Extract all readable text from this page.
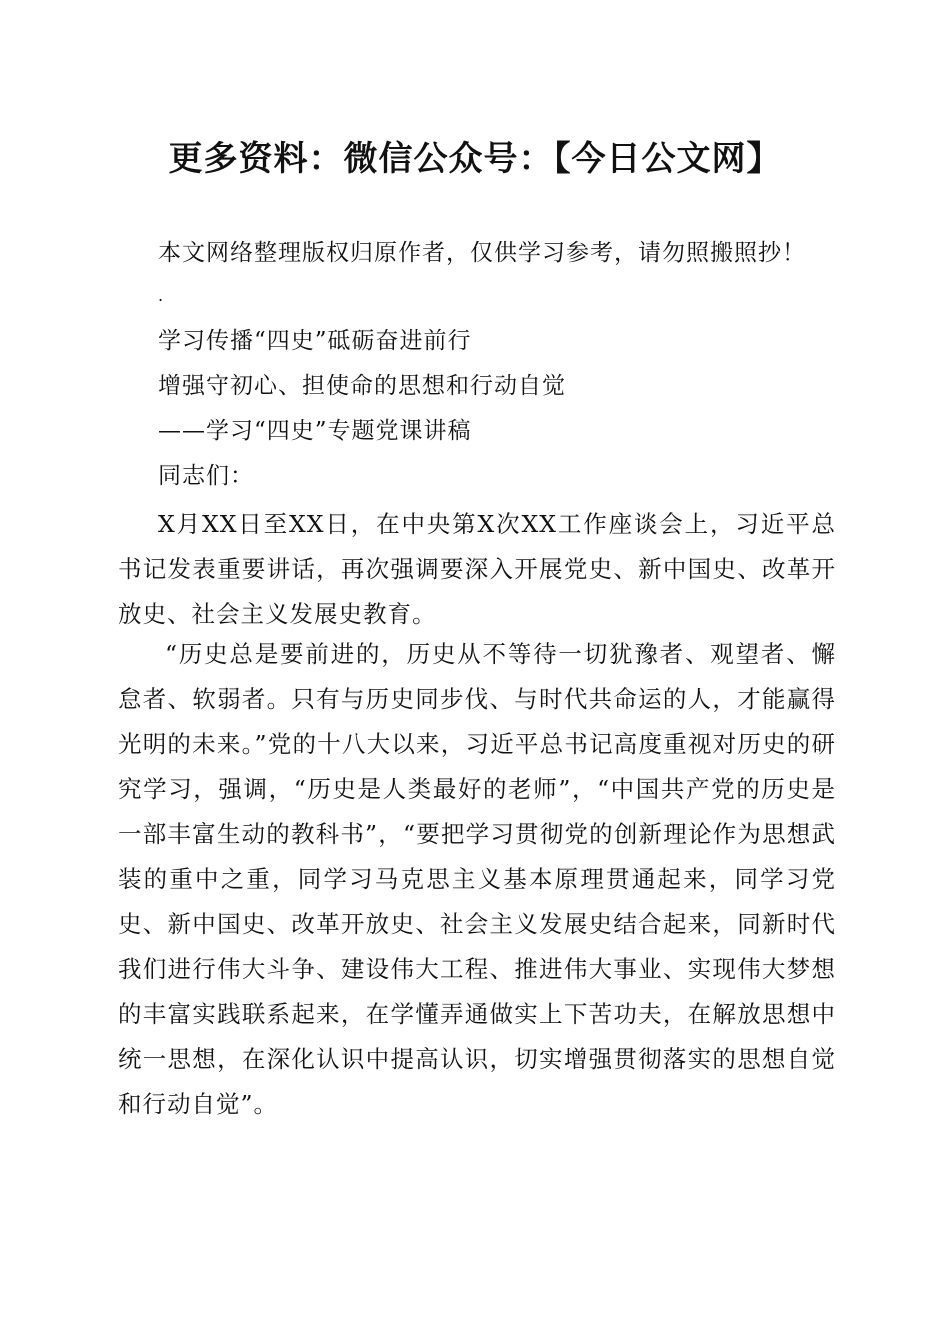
更多资料：微信公众号：【今日公文网】
本文网络整理版权归原作者，仅供学习参考，请勿照搬照抄！
.
学习传播“四史”砥砺奋进前行
增强守初心、担使命的思想和行动自觉
——学习“四史”专题党课讲稿
同志们：

X月XX日至XX日，在中央第X次XX工作座谈会上，习近平总书记发表重要讲话，再次强调要深入开展党史、新中国史、改革开放史、社会主义发展史教育。

“历史总是要前进的，历史从不等待一切犹豫者、观望者、懈怠者、软弱者。只有与历史同步伐、与时代共命运的人，才能赢得光明的未来。”党的十八大以来，习近平总书记高度重视对历史的研究学习，强调，“历史是人类最好的老师”，“中国共产党的历史是一部丰富生动的教科书”，“要把学习贯彻党的创新理论作为思想武装的重中之重，同学习马克思主义基本原理贯通起来，同学习党史、新中国史、改革开放史、社会主义发展史结合起来，同新时代我们进行伟大斗争、建设伟大工程、推进伟大事业、实现伟大梦想的丰富实践联系起来，在学懂弄通做实上下苦功夫，在解放思想中统一思想，在深化认识中提高认识，切实增强贯彻落实的思想自觉和行动自觉”。
